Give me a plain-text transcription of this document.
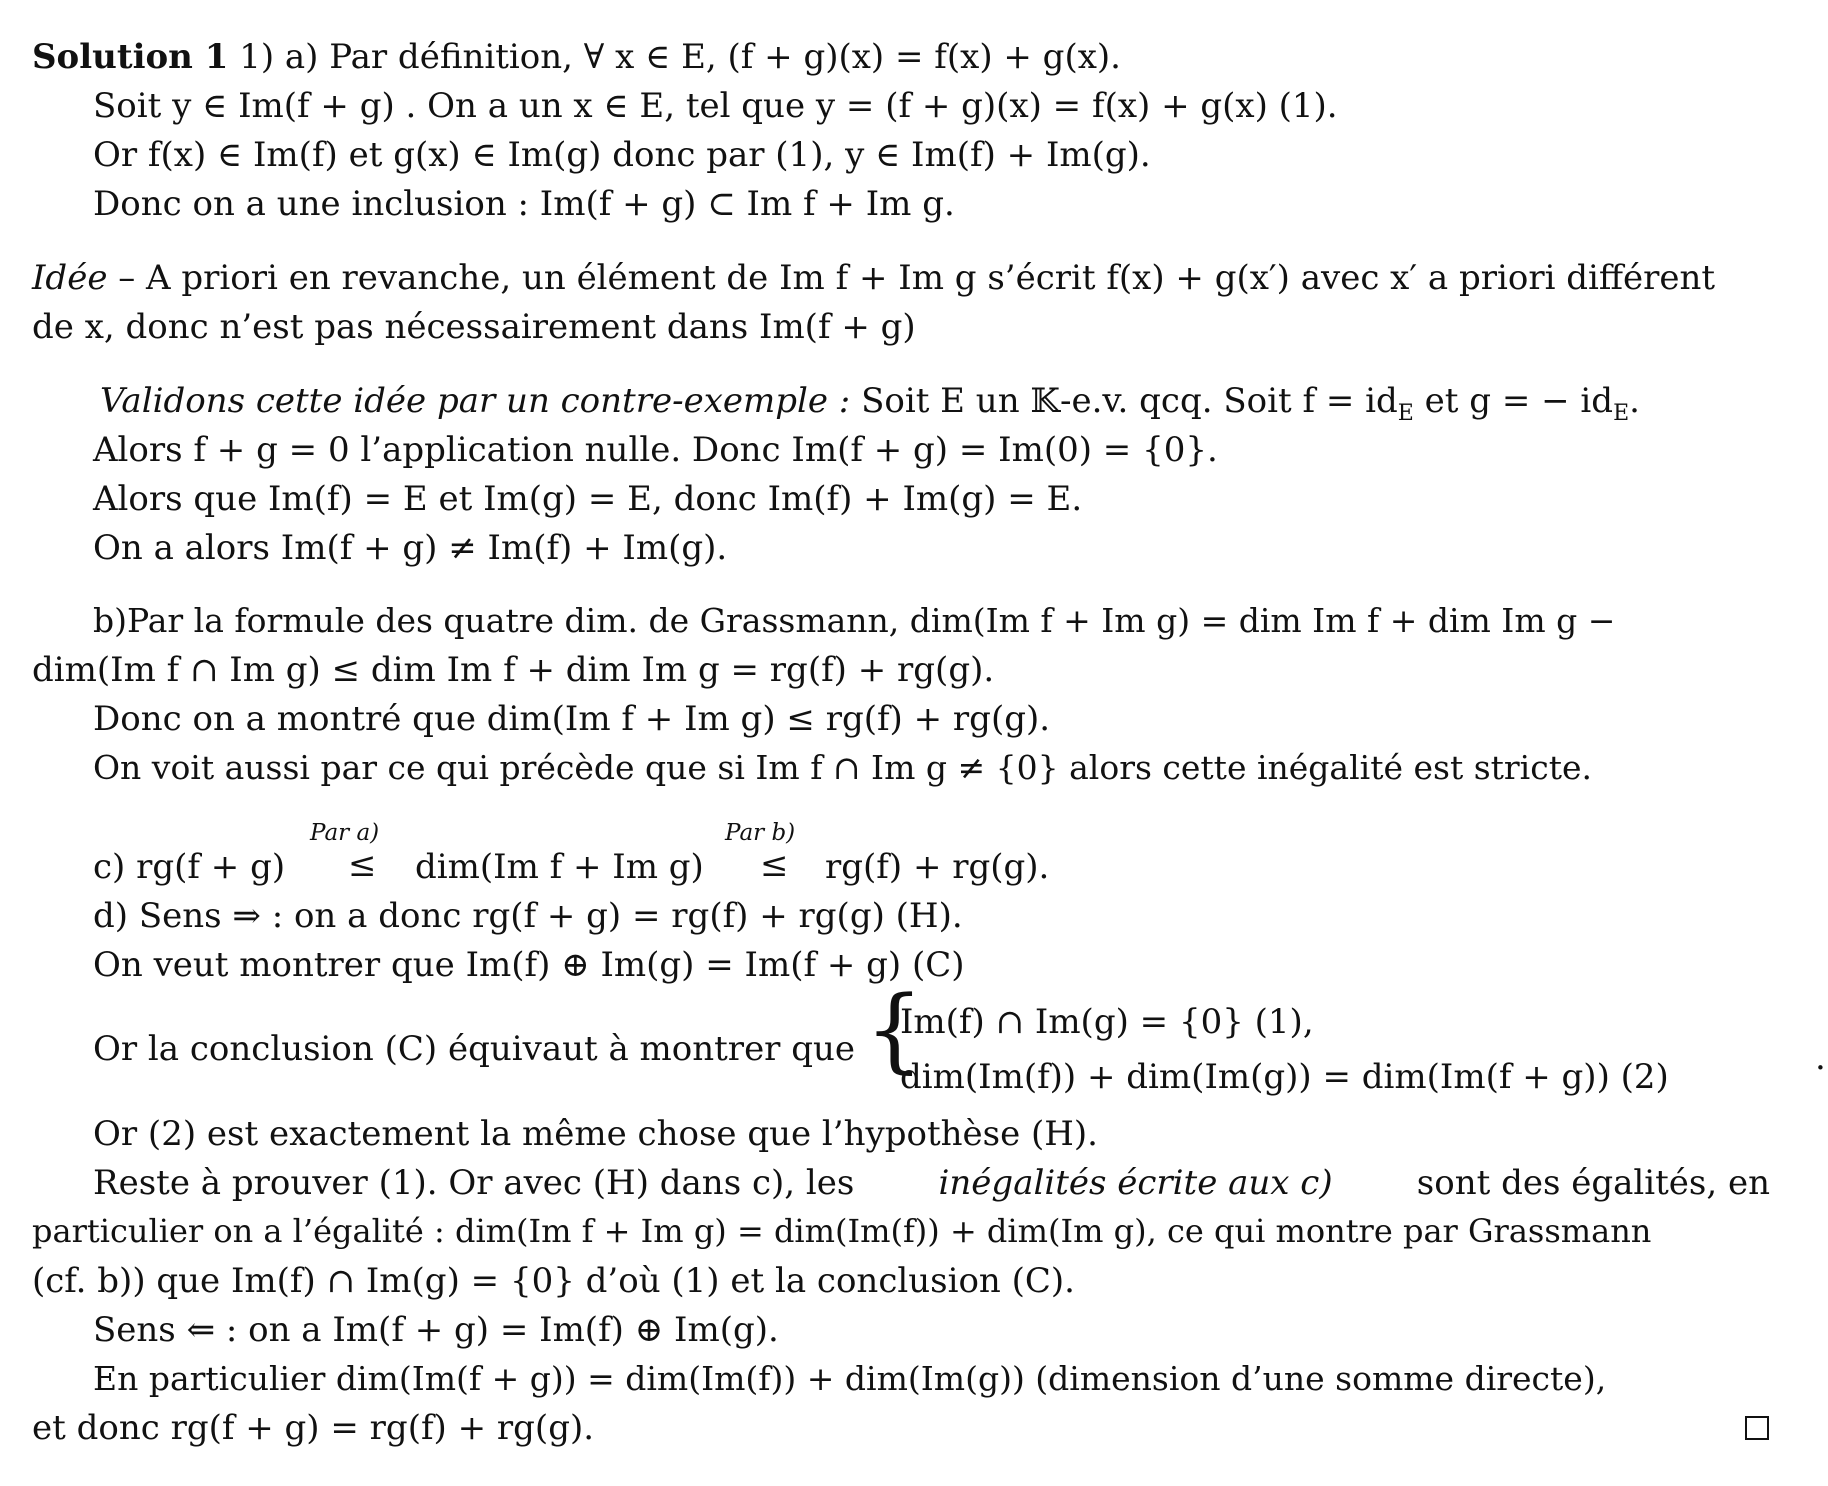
Solution 1 1) a) Par définition, ∀ x ∈ E, (f + g)(x) = f(x) + g(x).
Soit y ∈ Im(f + g) . On a un x ∈ E, tel que y = (f + g)(x) = f(x) + g(x) (1).
Or f(x) ∈ Im(f) et g(x) ∈ Im(g) donc par (1), y ∈ Im(f) + Im(g).
Donc on a une inclusion : Im(f + g) ⊂ Im f + Im g.
Idée – A priori en revanche, un élément de Im f + Im g s’écrit f(x) + g(x′) avec x′ a priori différent
de x, donc n’est pas nécessairement dans Im(f + g)
Validons cette idée par un contre-exemple : Soit E un 𝕂-e.v. qcq. Soit $f = id_E$ et g = − $id_E$.
Alors f + g = 0 l’application nulle. Donc Im(f + g) = Im(0) = {0}.
Alors que Im(f) = E et Im(g) = E, donc Im(f) + Im(g) = E.
On a alors Im(f + g) ≠ Im(f) + Im(g).
b)Par la formule des quatre dim. de Grassmann, dim(Im f + Im g) = dim Im f + dim Im g −
dim(Im f ∩ Im g) ≤ dim Im f + dim Im g = rg(f) + rg(g).
Donc on a montré que dim(Im f + Im g) ≤ rg(f) + rg(g).
On voit aussi par ce qui précède que si Im f ∩ Im g ≠ {0} alors cette inégalité est stricte.
Par a)	Par b)
c) rg(f + g) ≤ dim(Im f + Im g) ≤ rg(f) + rg(g).
d) Sens ⇒ : on a donc rg(f + g) = rg(f) + rg(g) (H).
On veut montrer que Im(f) ⊕ Im(g) = Im(f + g) (C)
Or la conclusion (C) équivaut à montrer que {
Im(f) ∩ Im(g) = {0} (1),
dim(Im(f)) + dim(Im(g)) = dim(Im(f + g)) (2)	.
Or (2) est exactement la même chose que l’hypothèse (H).
Reste à prouver (1). Or avec (H) dans c), les inégalités écrite aux c) sont des égalités, en
particulier on a l’égalité : dim(Im f + Im g) = dim(Im(f)) + dim(Im g), ce qui montre par Grassmann
(cf. b)) que Im(f) ∩ Im(g) = {0} d’où (1) et la conclusion (C).
Sens ⇐ : on a Im(f + g) = Im(f) ⊕ Im(g).
En particulier dim(Im(f + g)) = dim(Im(f)) + dim(Im(g)) (dimension d’une somme directe),
et donc rg(f + g) = rg(f) + rg(g).
